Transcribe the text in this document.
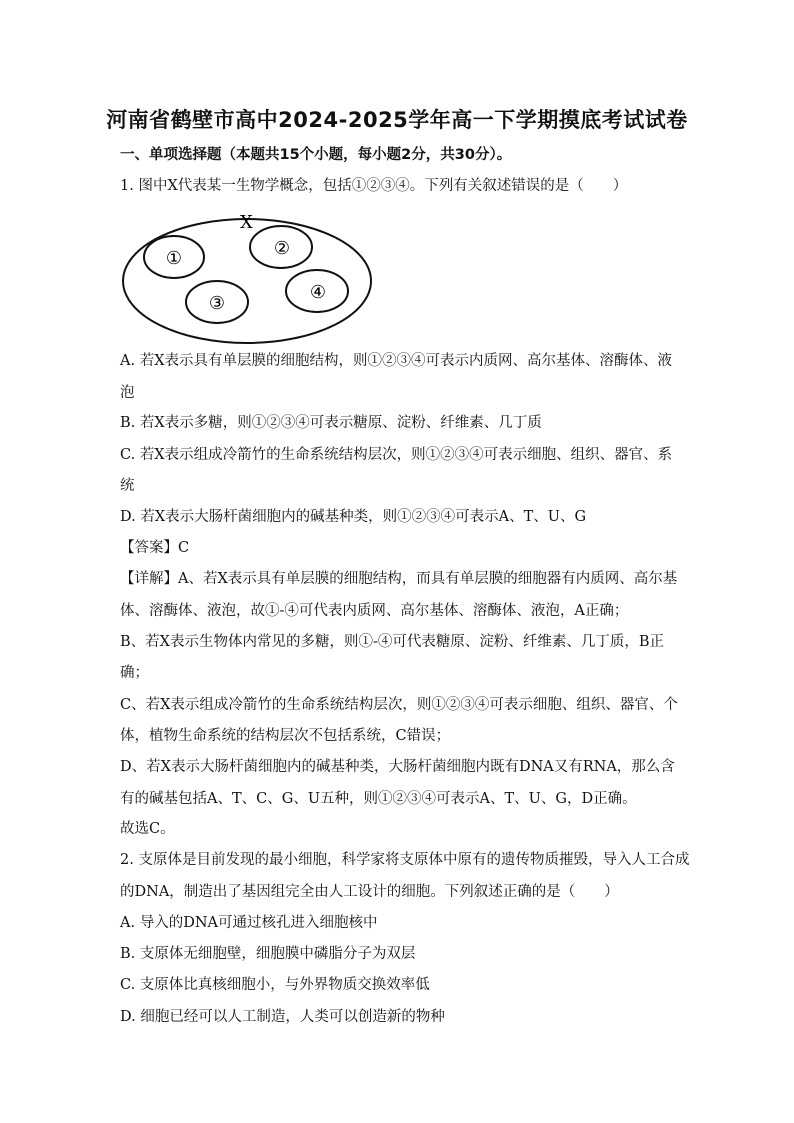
河南省鹤壁市高中2024-2025学年高一下学期摸底考试试卷
一、单项选择题（本题共15个小题，每小题2分，共30分）。
1. 图中X代表某一生物学概念，包括①②③④。下列有关叙述错误的是（　　）
X
①	②
③
④
A. 若X表示具有单层膜的细胞结构，则①②③④可表示内质网、高尔基体、溶酶体、液
泡
B. 若X表示多糖，则①②③④可表示糖原、淀粉、纤维素、几丁质
C. 若X表示组成冷箭竹的生命系统结构层次，则①②③④可表示细胞、组织、器官、系
统
D. 若X表示大肠杆菌细胞内的碱基种类，则①②③④可表示A、T、U、G
【答案】C
【详解】A、若X表示具有单层膜的细胞结构，而具有单层膜的细胞器有内质网、高尔基
体、溶酶体、液泡，故①-④可代表内质网、高尔基体、溶酶体、液泡，A正确；
B、若X表示生物体内常见的多糖，则①-④可代表糖原、淀粉、纤维素、几丁质，B正
确；
C、若X表示组成冷箭竹的生命系统结构层次，则①②③④可表示细胞、组织、器官、个
体，植物生命系统的结构层次不包括系统，C错误；
D、若X表示大肠杆菌细胞内的碱基种类，大肠杆菌细胞内既有DNA又有RNA，那么含
有的碱基包括A、T、C、G、U五种，则①②③④可表示A、T、U、G，D正确。
故选C。
2. 支原体是目前发现的最小细胞，科学家将支原体中原有的遗传物质摧毁，导入人工合成
的DNA，制造出了基因组完全由人工设计的细胞。下列叙述正确的是（　　）
A. 导入的DNA可通过核孔进入细胞核中
B. 支原体无细胞壁，细胞膜中磷脂分子为双层
C. 支原体比真核细胞小，与外界物质交换效率低
D. 细胞已经可以人工制造，人类可以创造新的物种
